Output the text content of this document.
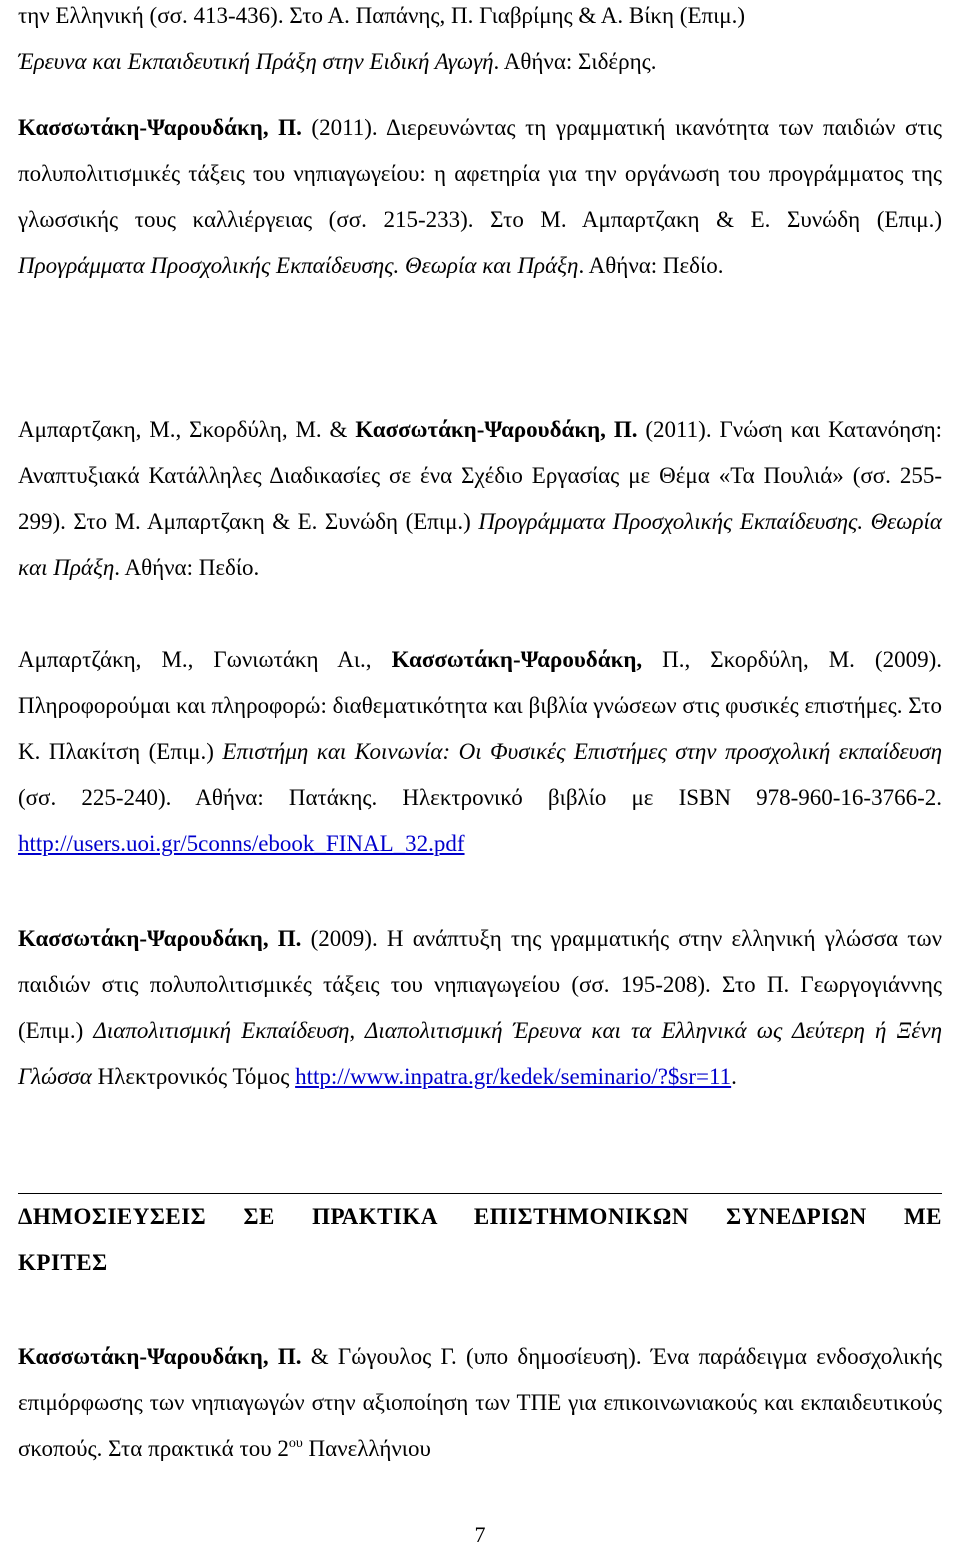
την Ελληνική (σσ. 413-436). Στο Α. Παπάνης, Π. Γιαβρίμης & Α. Βίκη (Επιμ.)
Έρευνα και Εκπαιδευτική Πράξη στην Ειδική Αγωγή. Αθήνα: Σιδέρης.
Κασσωτάκη-Ψαρουδάκη, Π. (2011). Διερευνώντας τη γραμματική ικανότητα των παιδιών στις πολυπολιτισμικές τάξεις του νηπιαγωγείου: η αφετηρία για την οργάνωση του προγράμματος της γλωσσικής τους καλλιέργειας (σσ. 215-233). Στο Μ. Αμπαρτζακη & Ε. Συνώδη (Επιμ.) Προγράμματα Προσχολικής Εκπαίδευσης. Θεωρία και Πράξη. Αθήνα: Πεδίο.
Αμπαρτζακη, Μ., Σκορδύλη, Μ. & Κασσωτάκη-Ψαρουδάκη, Π. (2011). Γνώση και Κατανόηση: Αναπτυξιακά Κατάλληλες Διαδικασίες σε ένα Σχέδιο Εργασίας με Θέμα «Τα Πουλιά» (σσ. 255-299). Στο Μ. Αμπαρτζακη & Ε. Συνώδη (Επιμ.) Προγράμματα Προσχολικής Εκπαίδευσης. Θεωρία και Πράξη. Αθήνα: Πεδίο.
Αμπαρτζάκη, Μ., Γωνιωτάκη Αι., Κασσωτάκη-Ψαρουδάκη, Π., Σκορδύλη, Μ. (2009). Πληροφορούμαι και πληροφορώ: διαθεματικότητα και βιβλία γνώσεων στις φυσικές επιστήμες. Στο Κ. Πλακίτση (Επιμ.) Επιστήμη και Κοινωνία: Οι Φυσικές Επιστήμες στην προσχολική εκπαίδευση (σσ. 225-240). Αθήνα: Πατάκης. Ηλεκτρονικό βιβλίο με ISBN 978-960-16-3766-2. http://users.uoi.gr/5conns/ebook_FINAL_32.pdf
Κασσωτάκη-Ψαρουδάκη, Π. (2009). Η ανάπτυξη της γραμματικής στην ελληνική γλώσσα των παιδιών στις πολυπολιτισμικές τάξεις του νηπιαγωγείου (σσ. 195-208). Στο Π. Γεωργογιάννης (Επιμ.) Διαπολιτισμική Εκπαίδευση, Διαπολιτισμική Έρευνα και τα Ελληνικά ως Δεύτερη ή Ξένη Γλώσσα Ηλεκτρονικός Τόμος http://www.inpatra.gr/kedek/seminario/?$sr=11.
ΔΗΜΟΣΙΕΥΣΕΙΣ ΣΕ ΠΡΑΚΤΙΚΑ ΕΠΙΣΤΗΜΟΝΙΚΩΝ ΣΥΝΕΔΡΙΩΝ ΜΕ ΚΡΙΤΕΣ
Κασσωτάκη-Ψαρουδάκη, Π. & Γώγουλος Γ. (υπο δημοσίευση). Ένα παράδειγμα ενδοσχολικής επιμόρφωσης των νηπιαγωγών στην αξιοποίηση των ΤΠΕ για επικοινωνιακούς και εκπαιδευτικούς σκοπούς. Στα πρακτικά του $2^{o\upsilon}$ Πανελλήνιου
7
